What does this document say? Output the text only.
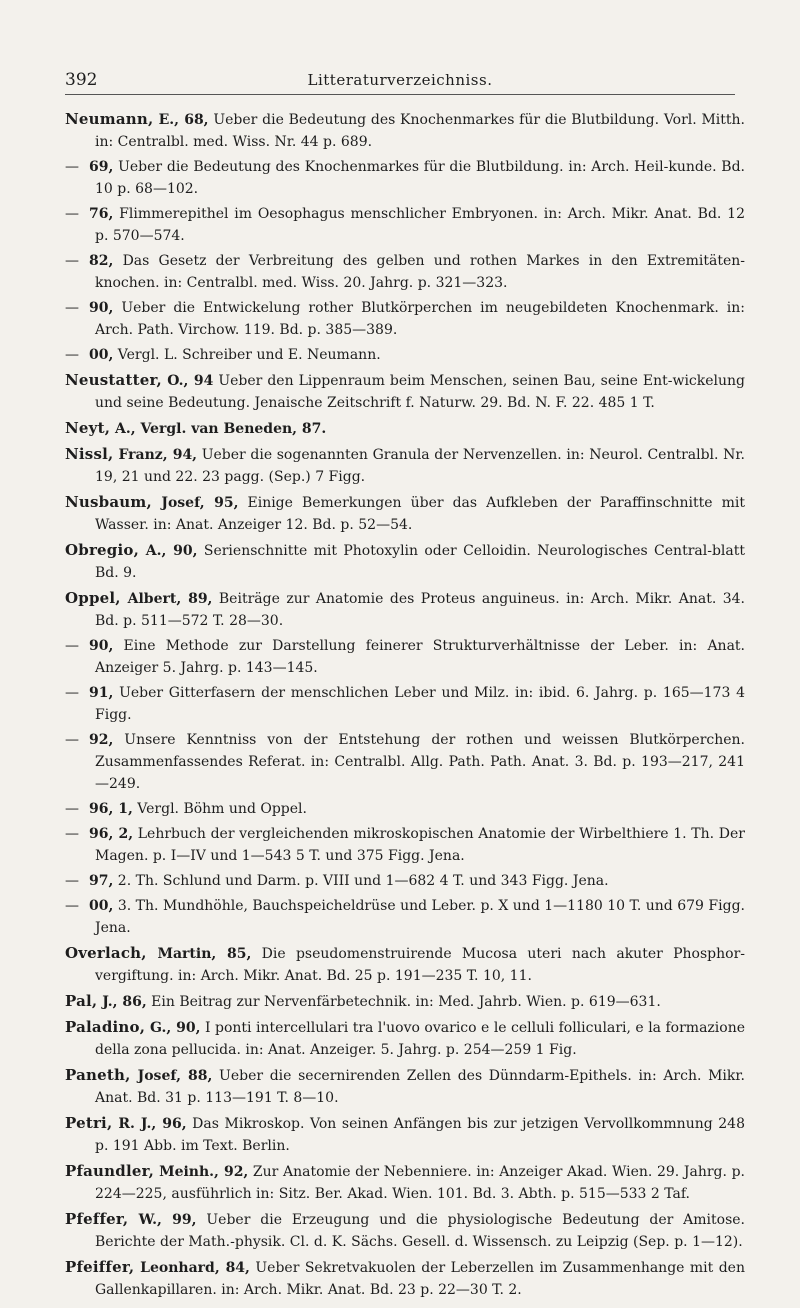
392	Litteraturverzeichniss.

Neumann, E., 68, Ueber die Bedeutung des Knochenmarkes für die Blutbildung. Vorl. Mitth. in: Centralbl. med. Wiss. Nr. 44 p. 689.

— 69, Ueber die Bedeutung des Knochenmarkes für die Blutbildung. in: Arch. Heil-kunde. Bd. 10 p. 68—102.

— 76, Flimmerepithel im Oesophagus menschlicher Embryonen. in: Arch. Mikr. Anat. Bd. 12 p. 570—574.

— 82, Das Gesetz der Verbreitung des gelben und rothen Markes in den Extremitäten-knochen. in: Centralbl. med. Wiss. 20. Jahrg. p. 321—323.

— 90, Ueber die Entwickelung rother Blutkörperchen im neugebildeten Knochenmark. in: Arch. Path. Virchow. 119. Bd. p. 385—389.

— 00, Vergl. L. Schreiber und E. Neumann.

Neustatter, O., 94 Ueber den Lippenraum beim Menschen, seinen Bau, seine Ent-wickelung und seine Bedeutung. Jenaische Zeitschrift f. Naturw. 29. Bd. N. F. 22. 485 1 T.

Neyt, A., Vergl. van Beneden, 87.

Nissl, Franz, 94, Ueber die sogenannten Granula der Nervenzellen. in: Neurol. Centralbl. Nr. 19, 21 und 22. 23 pagg. (Sep.) 7 Figg.

Nusbaum, Josef, 95, Einige Bemerkungen über das Aufkleben der Paraffinschnitte mit Wasser. in: Anat. Anzeiger 12. Bd. p. 52—54.

Obregio, A., 90, Serienschnitte mit Photoxylin oder Celloidin. Neurologisches Central-blatt Bd. 9.

Oppel, Albert, 89, Beiträge zur Anatomie des Proteus anguineus. in: Arch. Mikr. Anat. 34. Bd. p. 511—572 T. 28—30.

— 90, Eine Methode zur Darstellung feinerer Strukturverhältnisse der Leber. in: Anat. Anzeiger 5. Jahrg. p. 143—145.

— 91, Ueber Gitterfasern der menschlichen Leber und Milz. in: ibid. 6. Jahrg. p. 165—173 4 Figg.

— 92, Unsere Kenntniss von der Entstehung der rothen und weissen Blutkörperchen. Zusammenfassendes Referat. in: Centralbl. Allg. Path. Path. Anat. 3. Bd. p. 193—217, 241—249.

— 96, 1, Vergl. Böhm und Oppel.

— 96, 2, Lehrbuch der vergleichenden mikroskopischen Anatomie der Wirbelthiere 1. Th. Der Magen. p. I—IV und 1—543 5 T. und 375 Figg. Jena.

— 97, 2. Th. Schlund und Darm. p. VIII und 1—682 4 T. und 343 Figg. Jena.

— 00, 3. Th. Mundhöhle, Bauchspeicheldrüse und Leber. p. X und 1—1180 10 T. und 679 Figg. Jena.

Overlach, Martin, 85, Die pseudomenstruirende Mucosa uteri nach akuter Phosphor-vergiftung. in: Arch. Mikr. Anat. Bd. 25 p. 191—235 T. 10, 11.

Pal, J., 86, Ein Beitrag zur Nervenfärbetechnik. in: Med. Jahrb. Wien. p. 619—631.

Paladino, G., 90, I ponti intercellulari tra l'uovo ovarico e le celluli folliculari, e la formazione della zona pellucida. in: Anat. Anzeiger. 5. Jahrg. p. 254—259 1 Fig.

Paneth, Josef, 88, Ueber die secernirenden Zellen des Dünndarm-Epithels. in: Arch. Mikr. Anat. Bd. 31 p. 113—191 T. 8—10.

Petri, R. J., 96, Das Mikroskop. Von seinen Anfängen bis zur jetzigen Vervollkommnung 248 p. 191 Abb. im Text. Berlin.

Pfaundler, Meinh., 92, Zur Anatomie der Nebenniere. in: Anzeiger Akad. Wien. 29. Jahrg. p. 224—225, ausführlich in: Sitz. Ber. Akad. Wien. 101. Bd. 3. Abth. p. 515—533 2 Taf.

Pfeffer, W., 99, Ueber die Erzeugung und die physiologische Bedeutung der Amitose. Berichte der Math.-physik. Cl. d. K. Sächs. Gesell. d. Wissensch. zu Leipzig (Sep. p. 1—12).

Pfeiffer, Leonhard, 84, Ueber Sekretvakuolen der Leberzellen im Zusammenhange mit den Gallenkapillaren. in: Arch. Mikr. Anat. Bd. 23 p. 22—30 T. 2.
